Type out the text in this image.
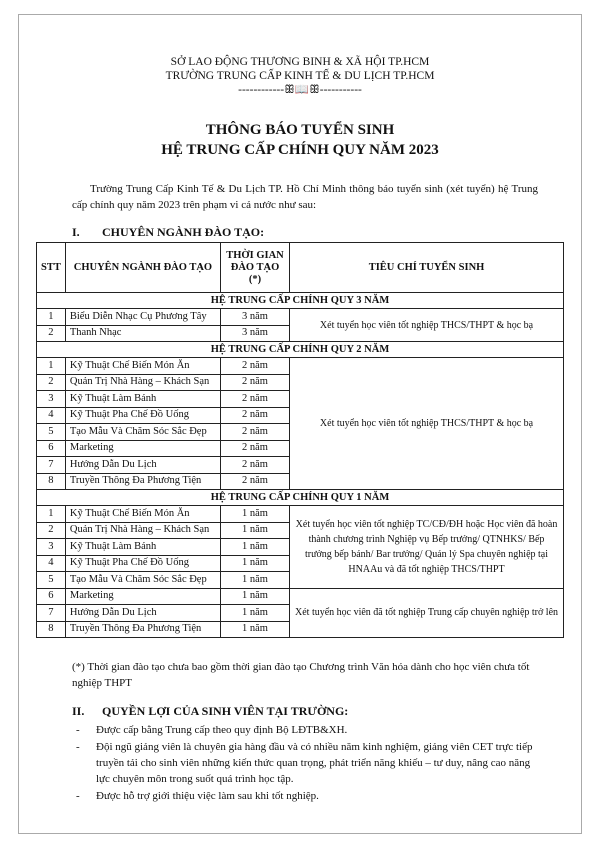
SỞ LAO ĐỘNG THƯƠNG BINH & XÃ HỘI TP.HCM
TRƯỜNG TRUNG CẤP KINH TẾ & DU LỊCH TP.HCM
------------ꕥ📖ꕥ-----------
THÔNG BÁO TUYỂN SINH
HỆ TRUNG CẤP CHÍNH QUY NĂM 2023
Trường Trung Cấp Kinh Tế & Du Lịch TP. Hồ Chí Minh thông báo tuyển sinh (xét tuyển) hệ Trung cấp chính quy năm 2023 trên phạm vi cả nước như sau:
I. CHUYÊN NGÀNH ĐÀO TẠO:
STT	CHUYÊN NGÀNH ĐÀO TẠO	THỜI GIAN ĐÀO TẠO (*)	TIÊU CHÍ TUYỂN SINH
HỆ TRUNG CẤP CHÍNH QUY 3 NĂM			
1	Biểu Diễn Nhạc Cụ Phương Tây	3 năm	Xét tuyển học viên tốt nghiệp THCS/THPT & học bạ
2	Thanh Nhạc	3 năm	
HỆ TRUNG CẤP CHÍNH QUY 2 NĂM			
1	Kỹ Thuật Chế Biến Món Ăn	2 năm	Xét tuyển học viên tốt nghiệp THCS/THPT & học bạ
2	Quản Trị Nhà Hàng – Khách Sạn	2 năm	
3	Kỹ Thuật Làm Bánh	2 năm	
4	Kỹ Thuật Pha Chế Đồ Uống	2 năm	
5	Tạo Mẫu Và Chăm Sóc Sắc Đẹp	2 năm	
6	Marketing	2 năm	
7	Hướng Dẫn Du Lịch	2 năm	
8	Truyền Thông Đa Phương Tiện	2 năm	
HỆ TRUNG CẤP CHÍNH QUY 1 NĂM			
1	Kỹ Thuật Chế Biến Món Ăn	1 năm	Xét tuyển học viên tốt nghiệp TC/CĐ/ĐH hoặc Học viên đã hoàn thành chương trình Nghiệp vụ Bếp trưởng/ QTNHKS/ Bếp trưởng bếp bánh/ Bar trưởng/ Quản lý Spa chuyên nghiệp tại HNAAu và đã tốt nghiệp THCS/THPT
2	Quản Trị Nhà Hàng – Khách Sạn	1 năm	
3	Kỹ Thuật Làm Bánh	1 năm	
4	Kỹ Thuật Pha Chế Đồ Uống	1 năm	
5	Tạo Mẫu Và Chăm Sóc Sắc Đẹp	1 năm	
6	Marketing	1 năm	Xét tuyển học viên đã tốt nghiệp Trung cấp chuyên nghiệp trở lên
7	Hướng Dẫn Du Lịch	1 năm	
8	Truyền Thông Đa Phương Tiện	1 năm	
(*) Thời gian đào tạo chưa bao gồm thời gian đào tạo Chương trình Văn hóa dành cho học viên chưa tốt nghiệp THPT
II. QUYỀN LỢI CỦA SINH VIÊN TẠI TRƯỜNG:
- Được cấp bằng Trung cấp theo quy định Bộ LĐTB&XH.
- Đội ngũ giảng viên là chuyên gia hàng đầu và có nhiều năm kinh nghiệm, giảng viên CET trực tiếp truyền tải cho sinh viên những kiến thức quan trọng, phát triển năng khiếu – tư duy, nâng cao năng lực chuyên môn trong suốt quá trình học tập.
- Được hỗ trợ giới thiệu việc làm sau khi tốt nghiệp.
